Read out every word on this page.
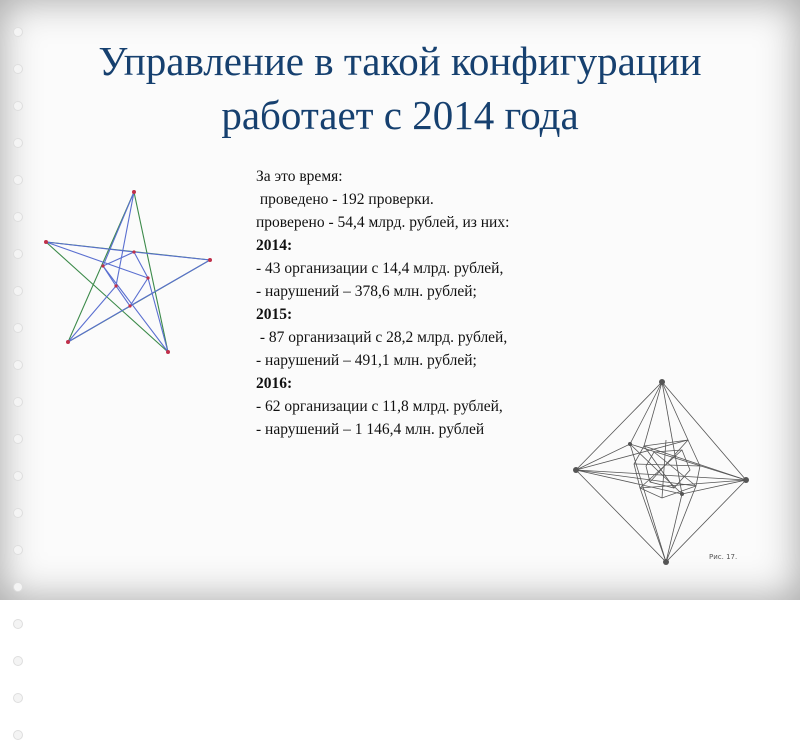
Управление в такой конфигурации
работает с 2014 года
За это время:
проведено - 192 проверки.
проверено - 54,4 млрд. рублей, из них:
2014:
- 43 организации с 14,4 млрд. рублей,
- нарушений – 378,6 млн. рублей;
2015:
- 87 организаций с 28,2 млрд. рублей,
- нарушений – 491,1 млн. рублей;
2016:
- 62 организации с 11,8 млрд. рублей,
- нарушений – 1 146,4 млн. рублей
Рис. 17.
